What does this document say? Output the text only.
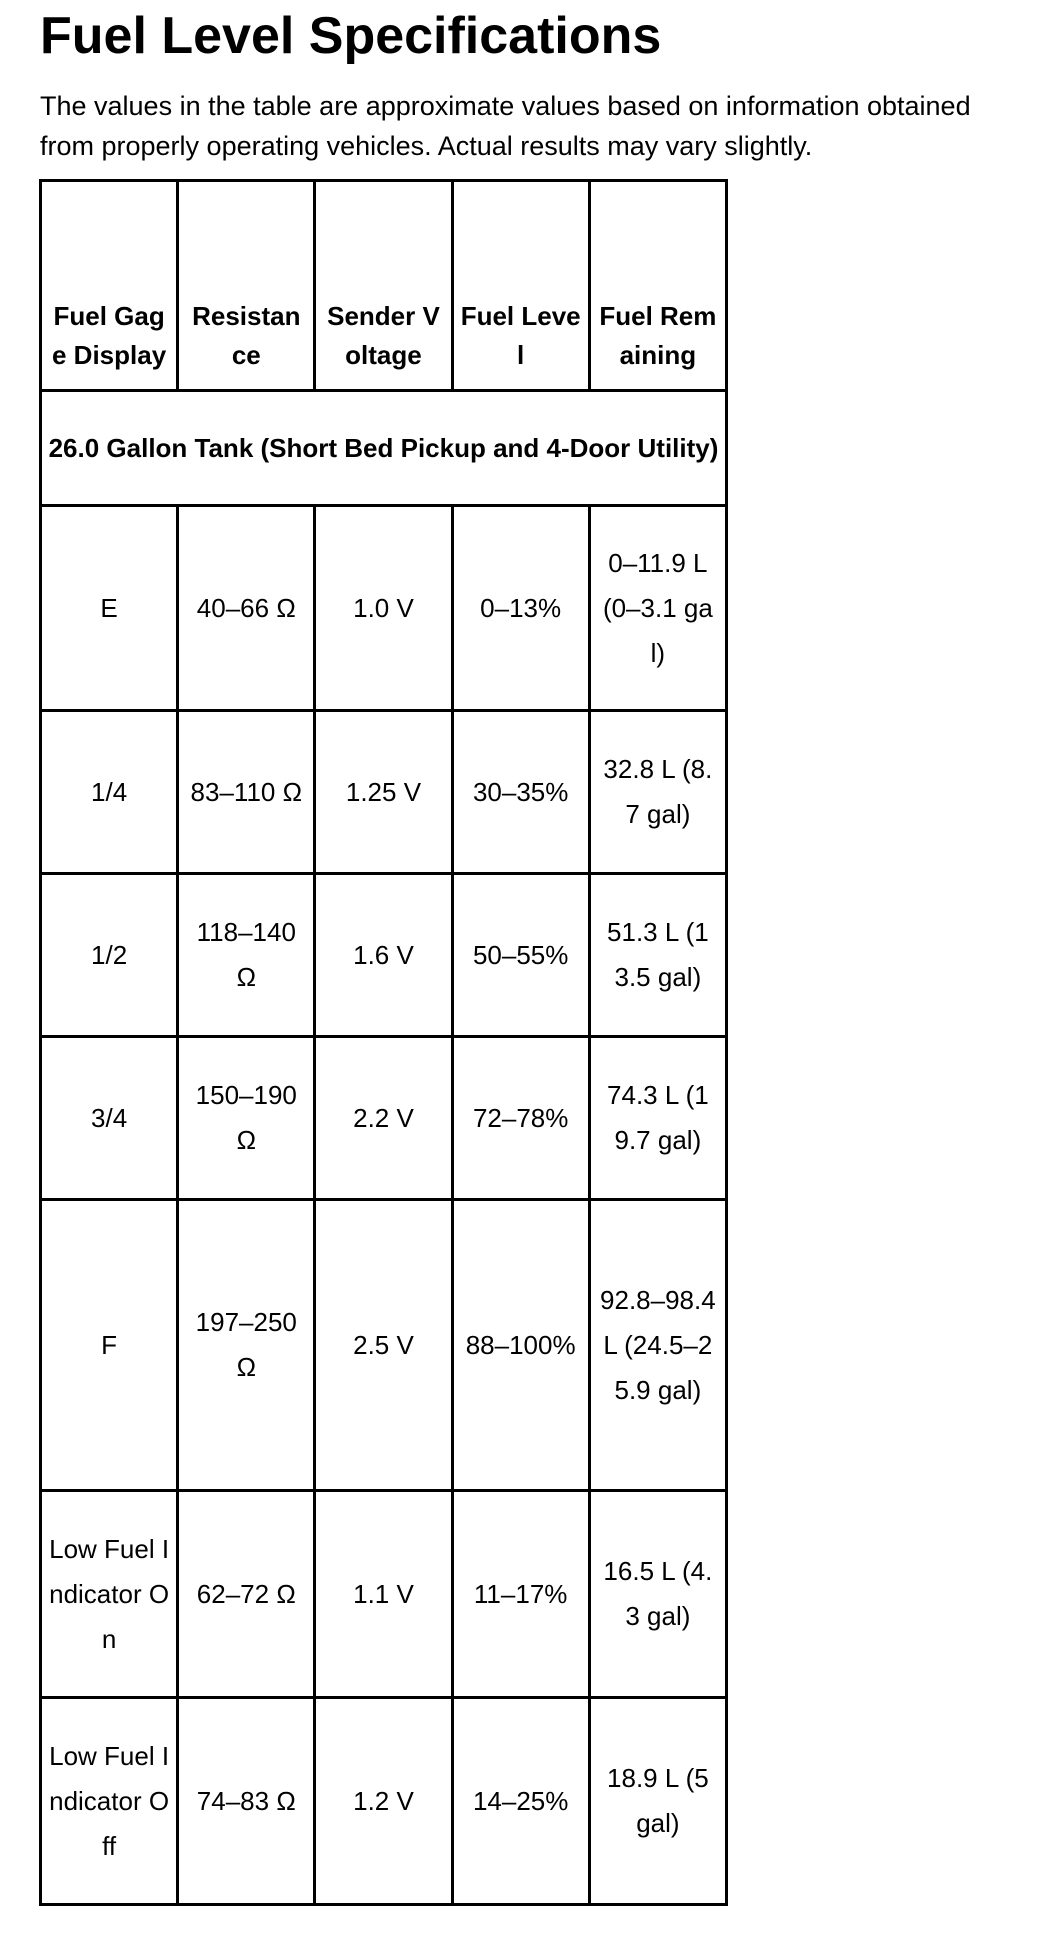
Fuel Level Specifications
The values in the table are approximate values based on information obtained from properly operating vehicles. Actual results may vary slightly.
Fuel Gage Display	Resistance	Sender Voltage	Fuel Level	Fuel Remaining
26.0 Gallon Tank (Short Bed Pickup and 4-Door Utility)				
E	40–66 Ω	1.0 V	0–13%	0–11.9 L (0–3.1 gal)
1/4	83–110 Ω	1.25 V	30–35%	32.8 L (8.7 gal)
1/2	118–140 Ω	1.6 V	50–55%	51.3 L (13.5 gal)
3/4	150–190 Ω	2.2 V	72–78%	74.3 L (19.7 gal)
F	197–250 Ω	2.5 V	88–100%	92.8–98.4 L (24.5–25.9 gal)
Low Fuel Indicator On	62–72 Ω	1.1 V	11–17%	16.5 L (4.3 gal)
Low Fuel Indicator Off	74–83 Ω	1.2 V	14–25%	18.9 L (5 gal)
